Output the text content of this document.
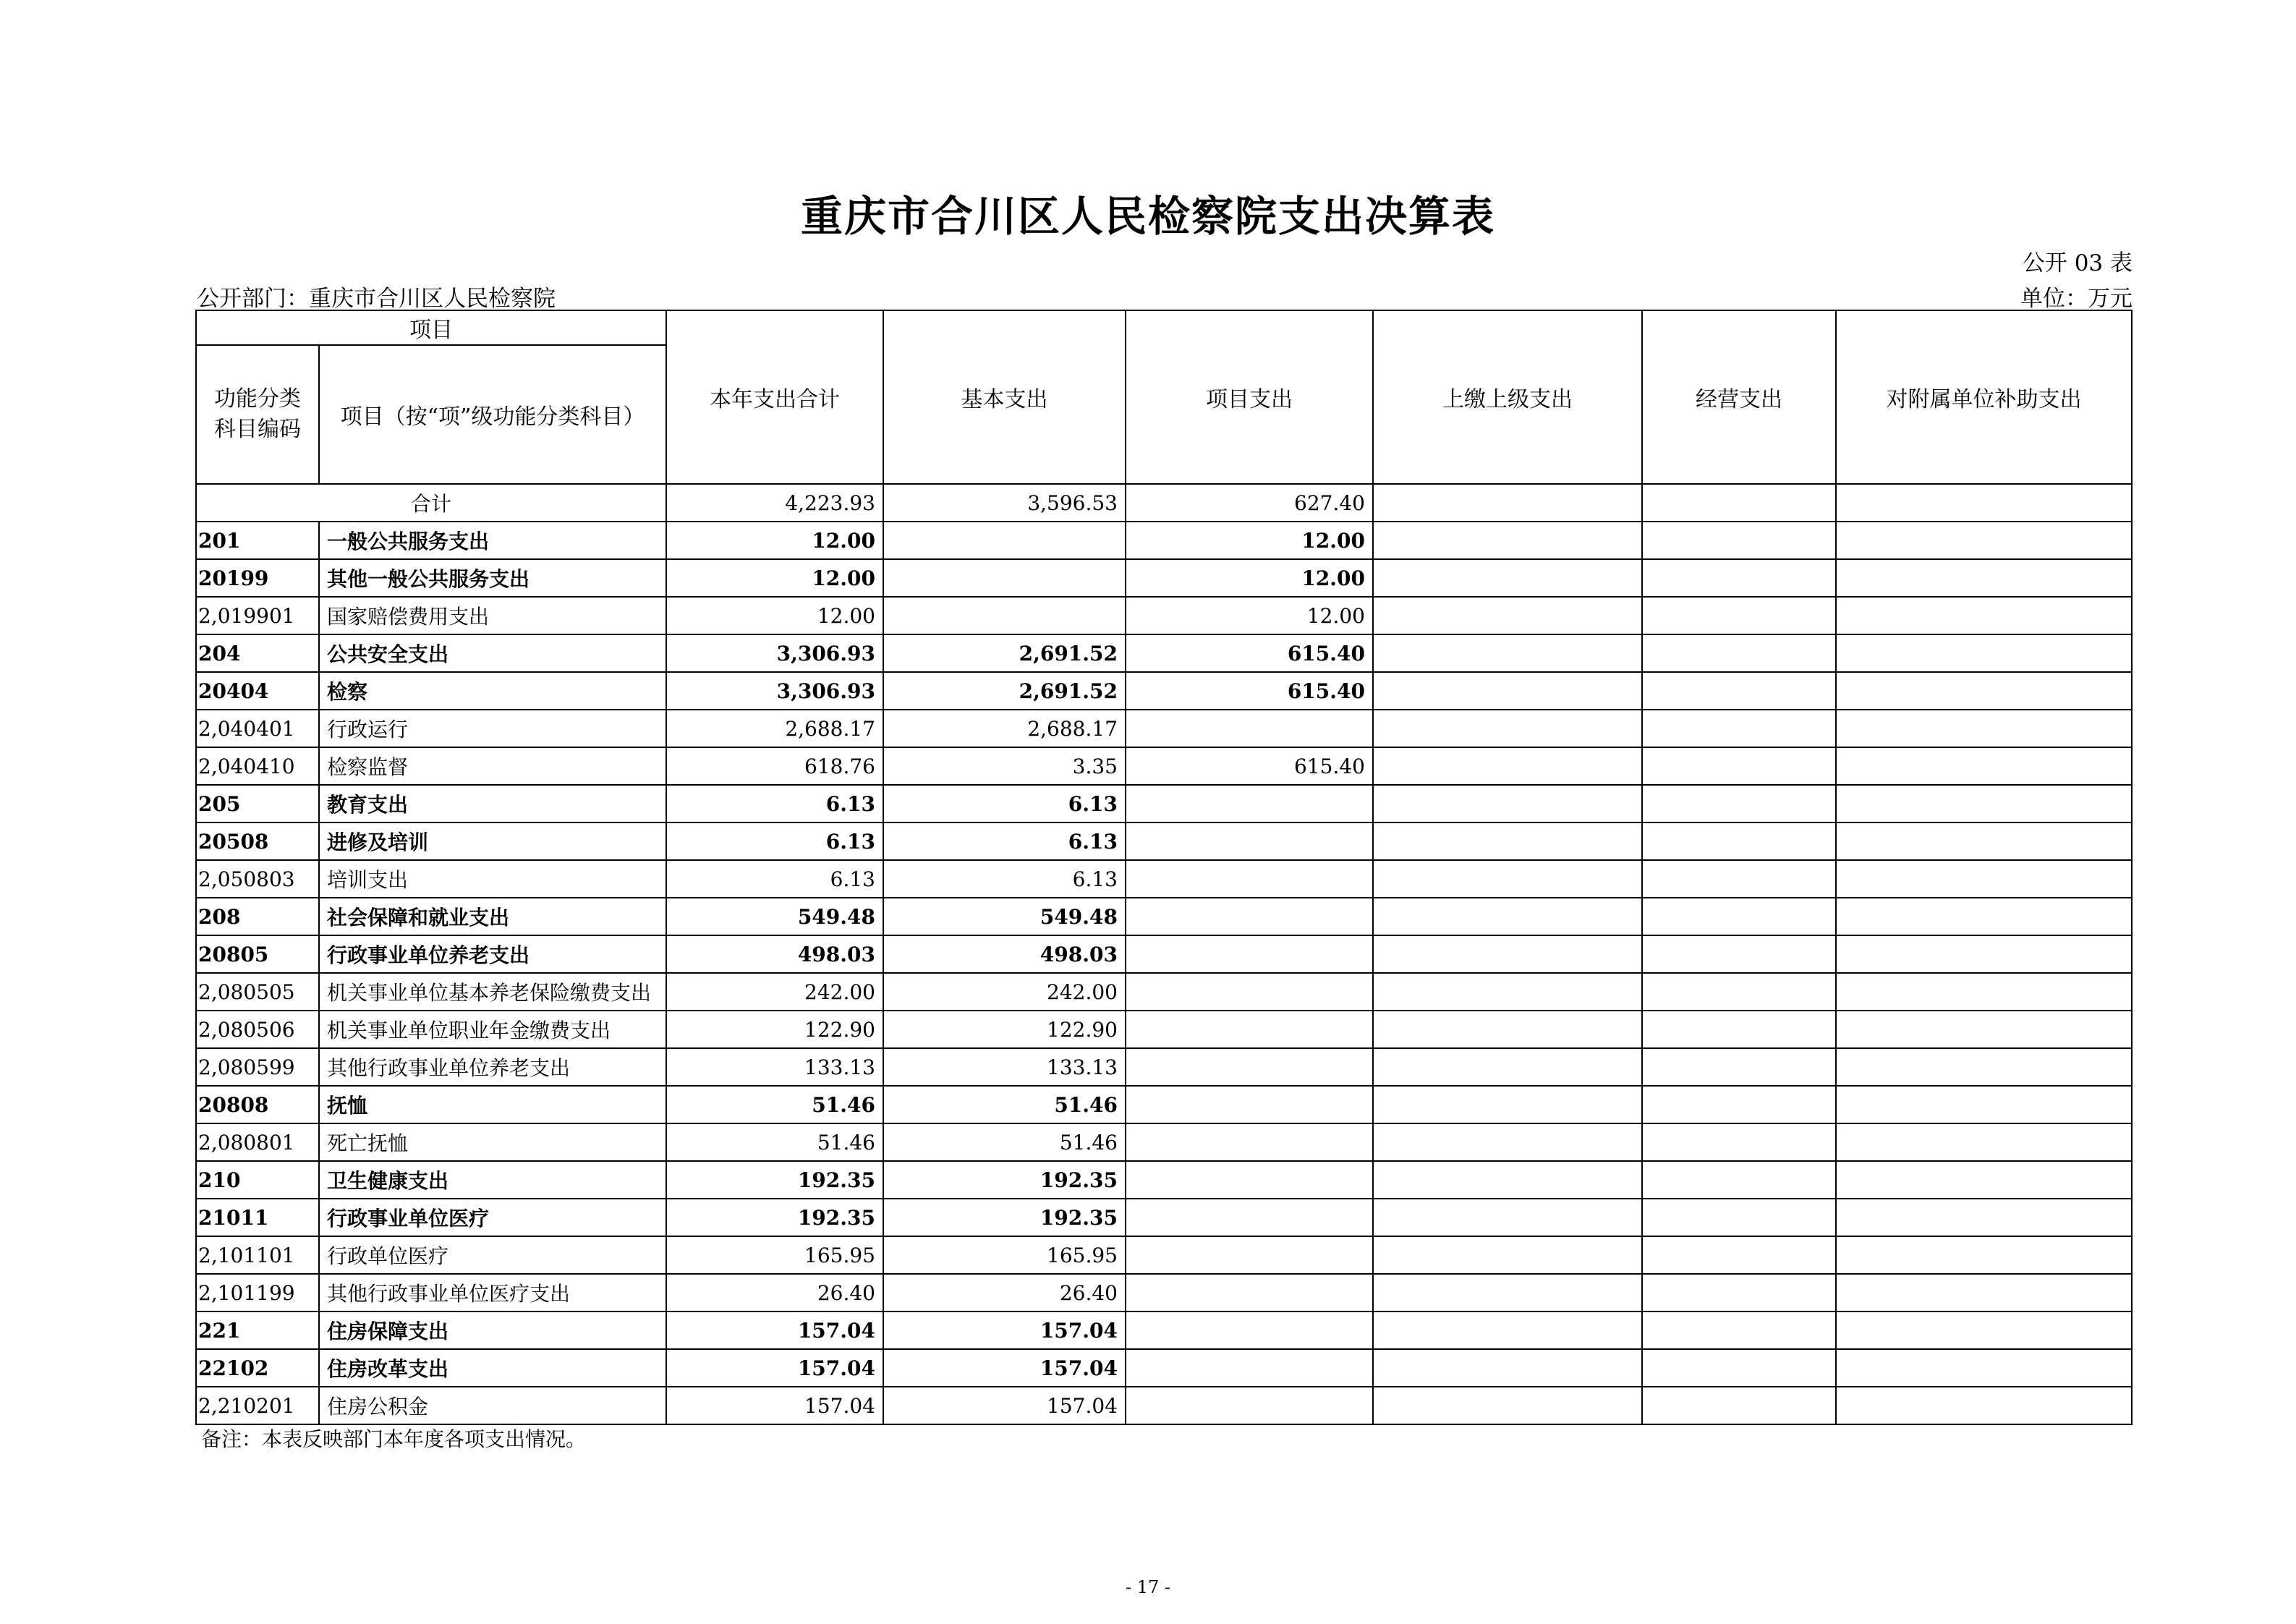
重庆市合川区人民检察院支出决算表
公开 03 表
公开部门：重庆市合川区人民检察院	单位：万元
项目		本年支出合计	基本支出	项目支出	上缴上级支出	经营支出	对附属单位补助支出
功能分类科目编码	项目（按“项”级功能分类科目）						
合计		4,223.93	3,596.53	627.40			
201	一般公共服务支出	12.00		12.00			
20199	其他一般公共服务支出	12.00		12.00			
2,019901	国家赔偿费用支出	12.00		12.00			
204	公共安全支出	3,306.93	2,691.52	615.40			
20404	检察	3,306.93	2,691.52	615.40			
2,040401	行政运行	2,688.17	2,688.17				
2,040410	检察监督	618.76	3.35	615.40			
205	教育支出	6.13	6.13				
20508	进修及培训	6.13	6.13				
2,050803	培训支出	6.13	6.13				
208	社会保障和就业支出	549.48	549.48				
20805	行政事业单位养老支出	498.03	498.03				
2,080505	机关事业单位基本养老保险缴费支出	242.00	242.00				
2,080506	机关事业单位职业年金缴费支出	122.90	122.90				
2,080599	其他行政事业单位养老支出	133.13	133.13				
20808	抚恤	51.46	51.46				
2,080801	死亡抚恤	51.46	51.46				
210	卫生健康支出	192.35	192.35				
21011	行政事业单位医疗	192.35	192.35				
2,101101	行政单位医疗	165.95	165.95				
2,101199	其他行政事业单位医疗支出	26.40	26.40				
221	住房保障支出	157.04	157.04				
22102	住房改革支出	157.04	157.04				
2,210201	住房公积金	157.04	157.04				
备注：本表反映部门本年度各项支出情况。
- 17 -
